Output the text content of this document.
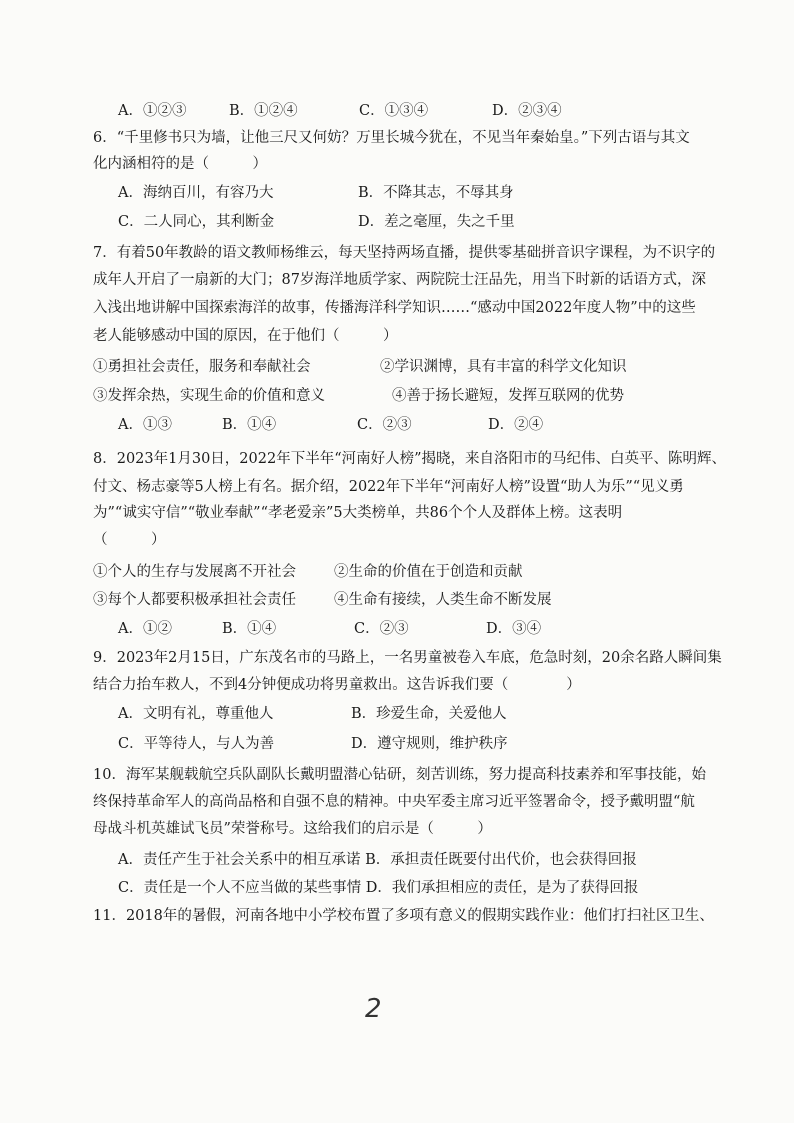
A．①②③	B．①②④	C．①③④	D．②③④
6．“千里修书只为墙，让他三尺又何妨？万里长城今犹在，不见当年秦始皇。”下列古语与其文
化内涵相符的是（　　　）
A．海纳百川，有容乃大	B．不降其志，不辱其身
C．二人同心，其利断金	D．差之毫厘，失之千里
7．有着50年教龄的语文教师杨维云，每天坚持两场直播，提供零基础拼音识字课程，为不识字的
成年人开启了一扇新的大门；87岁海洋地质学家、两院院士汪品先，用当下时新的话语方式，深
入浅出地讲解中国探索海洋的故事，传播海洋科学知识……“感动中国2022年度人物”中的这些
老人能够感动中国的原因，在于他们（　　　）
①勇担社会责任，服务和奉献社会	②学识渊博，具有丰富的科学文化知识
③发挥余热，实现生命的价值和意义	④善于扬长避短，发挥互联网的优势
A．①③	B．①④	C．②③	D．②④
8．2023年1月30日，2022年下半年“河南好人榜”揭晓，来自洛阳市的马纪伟、白英平、陈明辉、
付文、杨志豪等5人榜上有名。据介绍，2022年下半年“河南好人榜”设置“助人为乐”“见义勇
为”“诚实守信”“敬业奉献”“孝老爱亲”5大类榜单，共86个个人及群体上榜。这表明
（　　　）
①个人的生存与发展离不开社会	②生命的价值在于创造和贡献
③每个人都要积极承担社会责任	④生命有接续，人类生命不断发展
A．①②	B．①④	C．②③	D．③④
9．2023年2月15日，广东茂名市的马路上，一名男童被卷入车底，危急时刻，20余名路人瞬间集
结合力抬车救人，不到4分钟便成功将男童救出。这告诉我们要（　　　　）
A．文明有礼，尊重他人	B．珍爱生命，关爱他人
C．平等待人，与人为善	D．遵守规则，维护秩序
10．海军某舰载航空兵队副队长戴明盟潜心钻研，刻苦训练，努力提高科技素养和军事技能，始
终保持革命军人的高尚品格和自强不息的精神。中央军委主席习近平签署命令，授予戴明盟“航
母战斗机英雄试飞员”荣誉称号。这给我们的启示是（　　　）
A．责任产生于社会关系中的相互承诺 B．承担责任既要付出代价，也会获得回报
C．责任是一个人不应当做的某些事情 D．我们承担相应的责任，是为了获得回报
11．2018年的暑假，河南各地中小学校布置了多项有意义的假期实践作业：他们打扫社区卫生、
2
